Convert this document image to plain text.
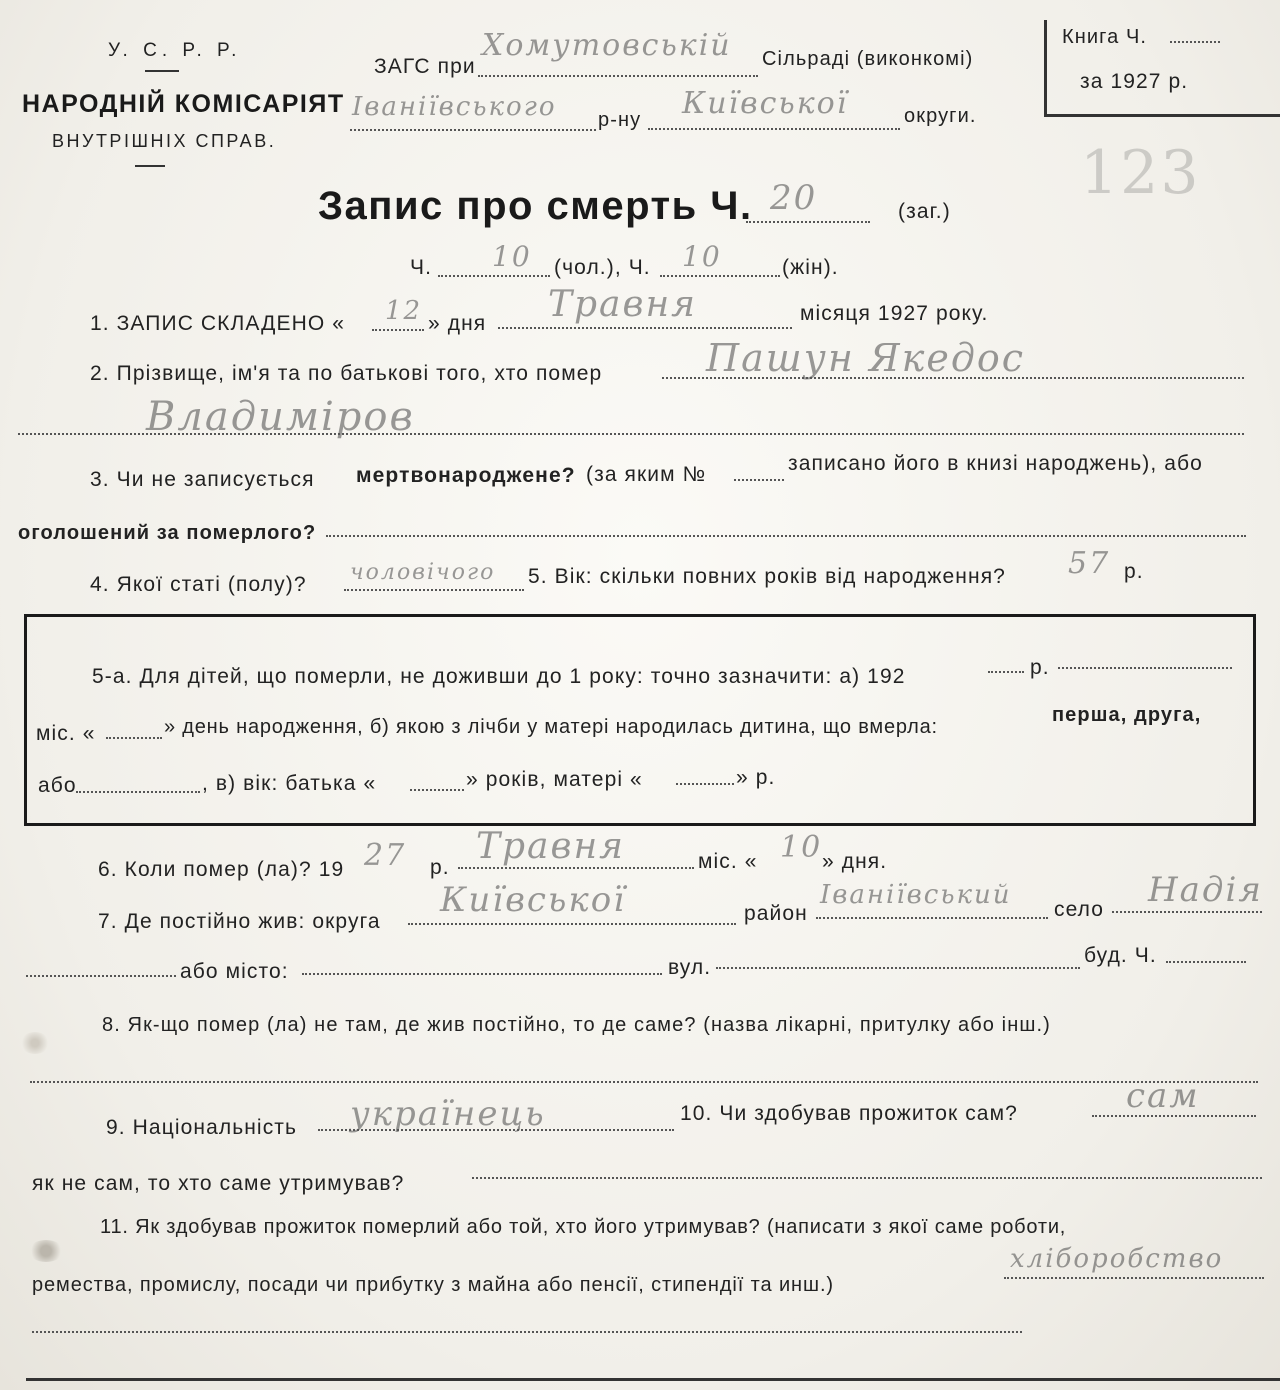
У. С. Р. Р.
НАРОДНІЙ КОМІСАРІЯТ
ВНУТРІШНІХ СПРАВ.
ЗАГС при
Хомутовській Сільраді (виконкомі)
Іваніївського р-ну Київської	округи.
Книга Ч.
за 1927 р.
123
Запис про смерть Ч. 20	(заг.)
Ч. 10 (чол.), Ч. 10	(жін).
1. ЗАПИС СКЛАДЕНО « 12 » дня Травня	місяця 1927 року.
2. Прізвище, ім'я та по батькові того, хто помер	Пашун Якедос
Владиміров
3. Чи не записується мертвонароджене? (за яким №	записано його в книзі народжень), або
оголошений за померлого?
4. Якої статі (полу)? чоловічого 5. Вік: скільки повних років від народження? 57 р.
5-а. Для дітей, що померли, не доживши до 1 року: точно зазначити: а) 192	р.
міс. «	» день народження, б) якою з лічби у матері народилась дитина, що вмерла:
перша, друга,
або	, в) вік: батька «	» років, матері «	» р.
6. Коли помер (ла)? 19 27 р.
Травня	міс. « 10 » дня.
7. Де постійно жив: округа
Київської	район
Іваніївський село Надія
або місто:	вул.
буд. Ч.
8. Як-що помер (ла) не там, де жив постійно, то де саме? (назва лікарні, притулку або інш.)
9. Національність українець	10. Чи здобував прожиток сам?	сам
як не сам, то хто саме утримував?
11. Як здобував прожиток померлий або той, хто його утримував? (написати з якої саме роботи,
ремества, промислу, посади чи прибутку з майна або пенсії, стипендії та инш.)
хліборобство
